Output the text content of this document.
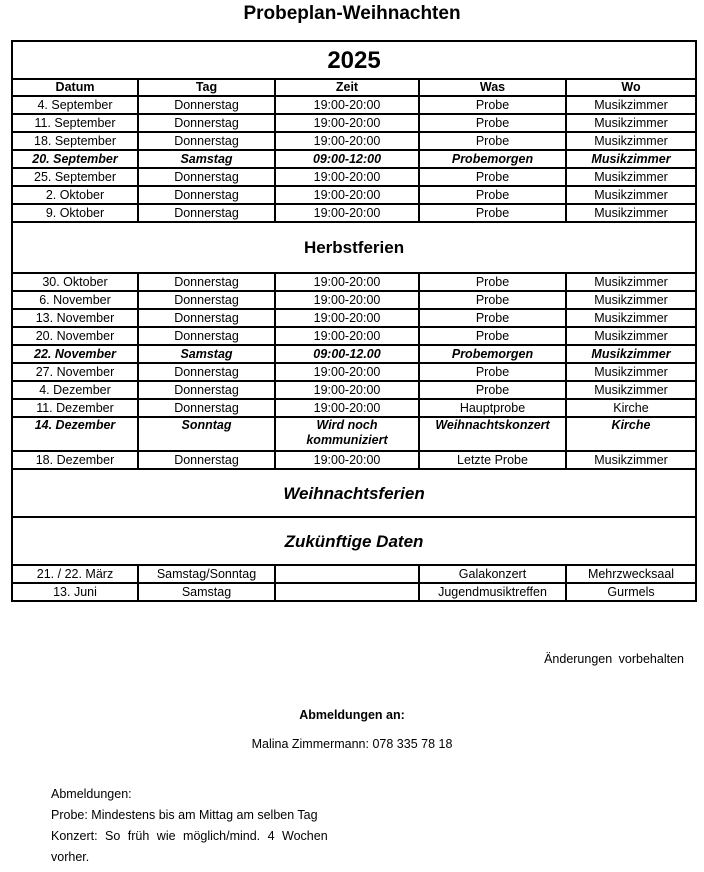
Probeplan-Weihnachten
2025				
Datum	Tag	Zeit	Was	Wo
4. September	Donnerstag	19:00-20:00	Probe	Musikzimmer
11. September	Donnerstag	19:00-20:00	Probe	Musikzimmer
18. September	Donnerstag	19:00-20:00	Probe	Musikzimmer
20. September	Samstag	09:00-12:00	Probemorgen	Musikzimmer
25. September	Donnerstag	19:00-20:00	Probe	Musikzimmer
2. Oktober	Donnerstag	19:00-20:00	Probe	Musikzimmer
9. Oktober	Donnerstag	19:00-20:00	Probe	Musikzimmer
Herbstferien				
30. Oktober	Donnerstag	19:00-20:00	Probe	Musikzimmer
6. November	Donnerstag	19:00-20:00	Probe	Musikzimmer
13. November	Donnerstag	19:00-20:00	Probe	Musikzimmer
20. November	Donnerstag	19:00-20:00	Probe	Musikzimmer
22. November	Samstag	09:00-12.00	Probemorgen	Musikzimmer
27. November	Donnerstag	19:00-20:00	Probe	Musikzimmer
4. Dezember	Donnerstag	19:00-20:00	Probe	Musikzimmer
11. Dezember	Donnerstag	19:00-20:00	Hauptprobe	Kirche
14. Dezember	Sonntag	Wird noch kommuniziert	Weihnachtskonzert	Kirche
18. Dezember	Donnerstag	19:00-20:00	Letzte Probe	Musikzimmer
Weihnachtsferien				
Zukünftige Daten				
21. / 22. März	Samstag/Sonntag		Galakonzert	Mehrzwecksaal
13. Juni	Samstag		Jugendmusiktreffen	Gurmels
Änderungen vorbehalten
Abmeldungen an:
Malina Zimmermann: 078 335 78 18
Abmeldungen:
Probe: Mindestens bis am Mittag am selben Tag
Konzert: So früh wie möglich/mind. 4 Wochen vorher.
